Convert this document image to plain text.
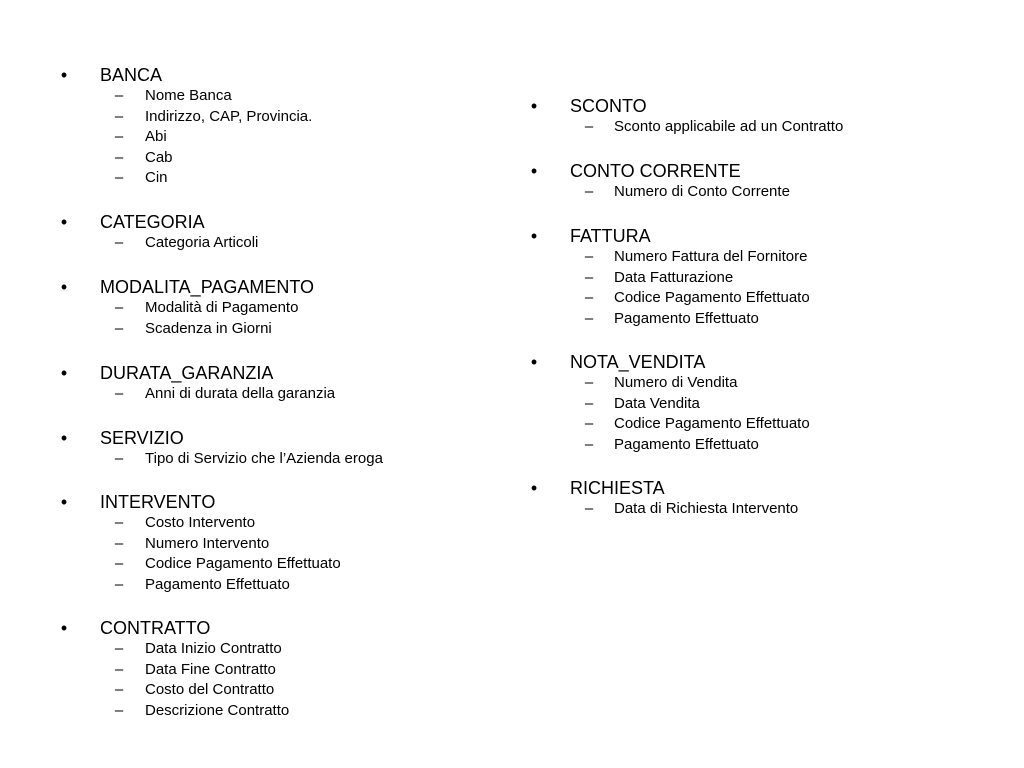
•	BANCA
– Nome Banca
– Indirizzo, CAP, Provincia.
– Abi
– Cab
– Cin
•	CATEGORIA
– Categoria Articoli
•	MODALITA_PAGAMENTO
– Modalità di Pagamento
– Scadenza in Giorni
•	DURATA_GARANZIA
– Anni di durata della garanzia
•	SERVIZIO
– Tipo di Servizio che l’Azienda eroga
•	INTERVENTO
– Costo Intervento
– Numero Intervento
– Codice Pagamento Effettuato
– Pagamento Effettuato
•	CONTRATTO
– Data Inizio Contratto
– Data Fine Contratto
– Costo del Contratto
– Descrizione Contratto
•	SCONTO
– Sconto applicabile ad un Contratto
•	CONTO CORRENTE
– Numero di Conto Corrente
•	FATTURA
– Numero Fattura del Fornitore
– Data Fatturazione
– Codice Pagamento Effettuato
– Pagamento Effettuato
•	NOTA_VENDITA
– Numero di Vendita
– Data Vendita
– Codice Pagamento Effettuato
– Pagamento Effettuato
•	RICHIESTA
– Data di Richiesta Intervento
